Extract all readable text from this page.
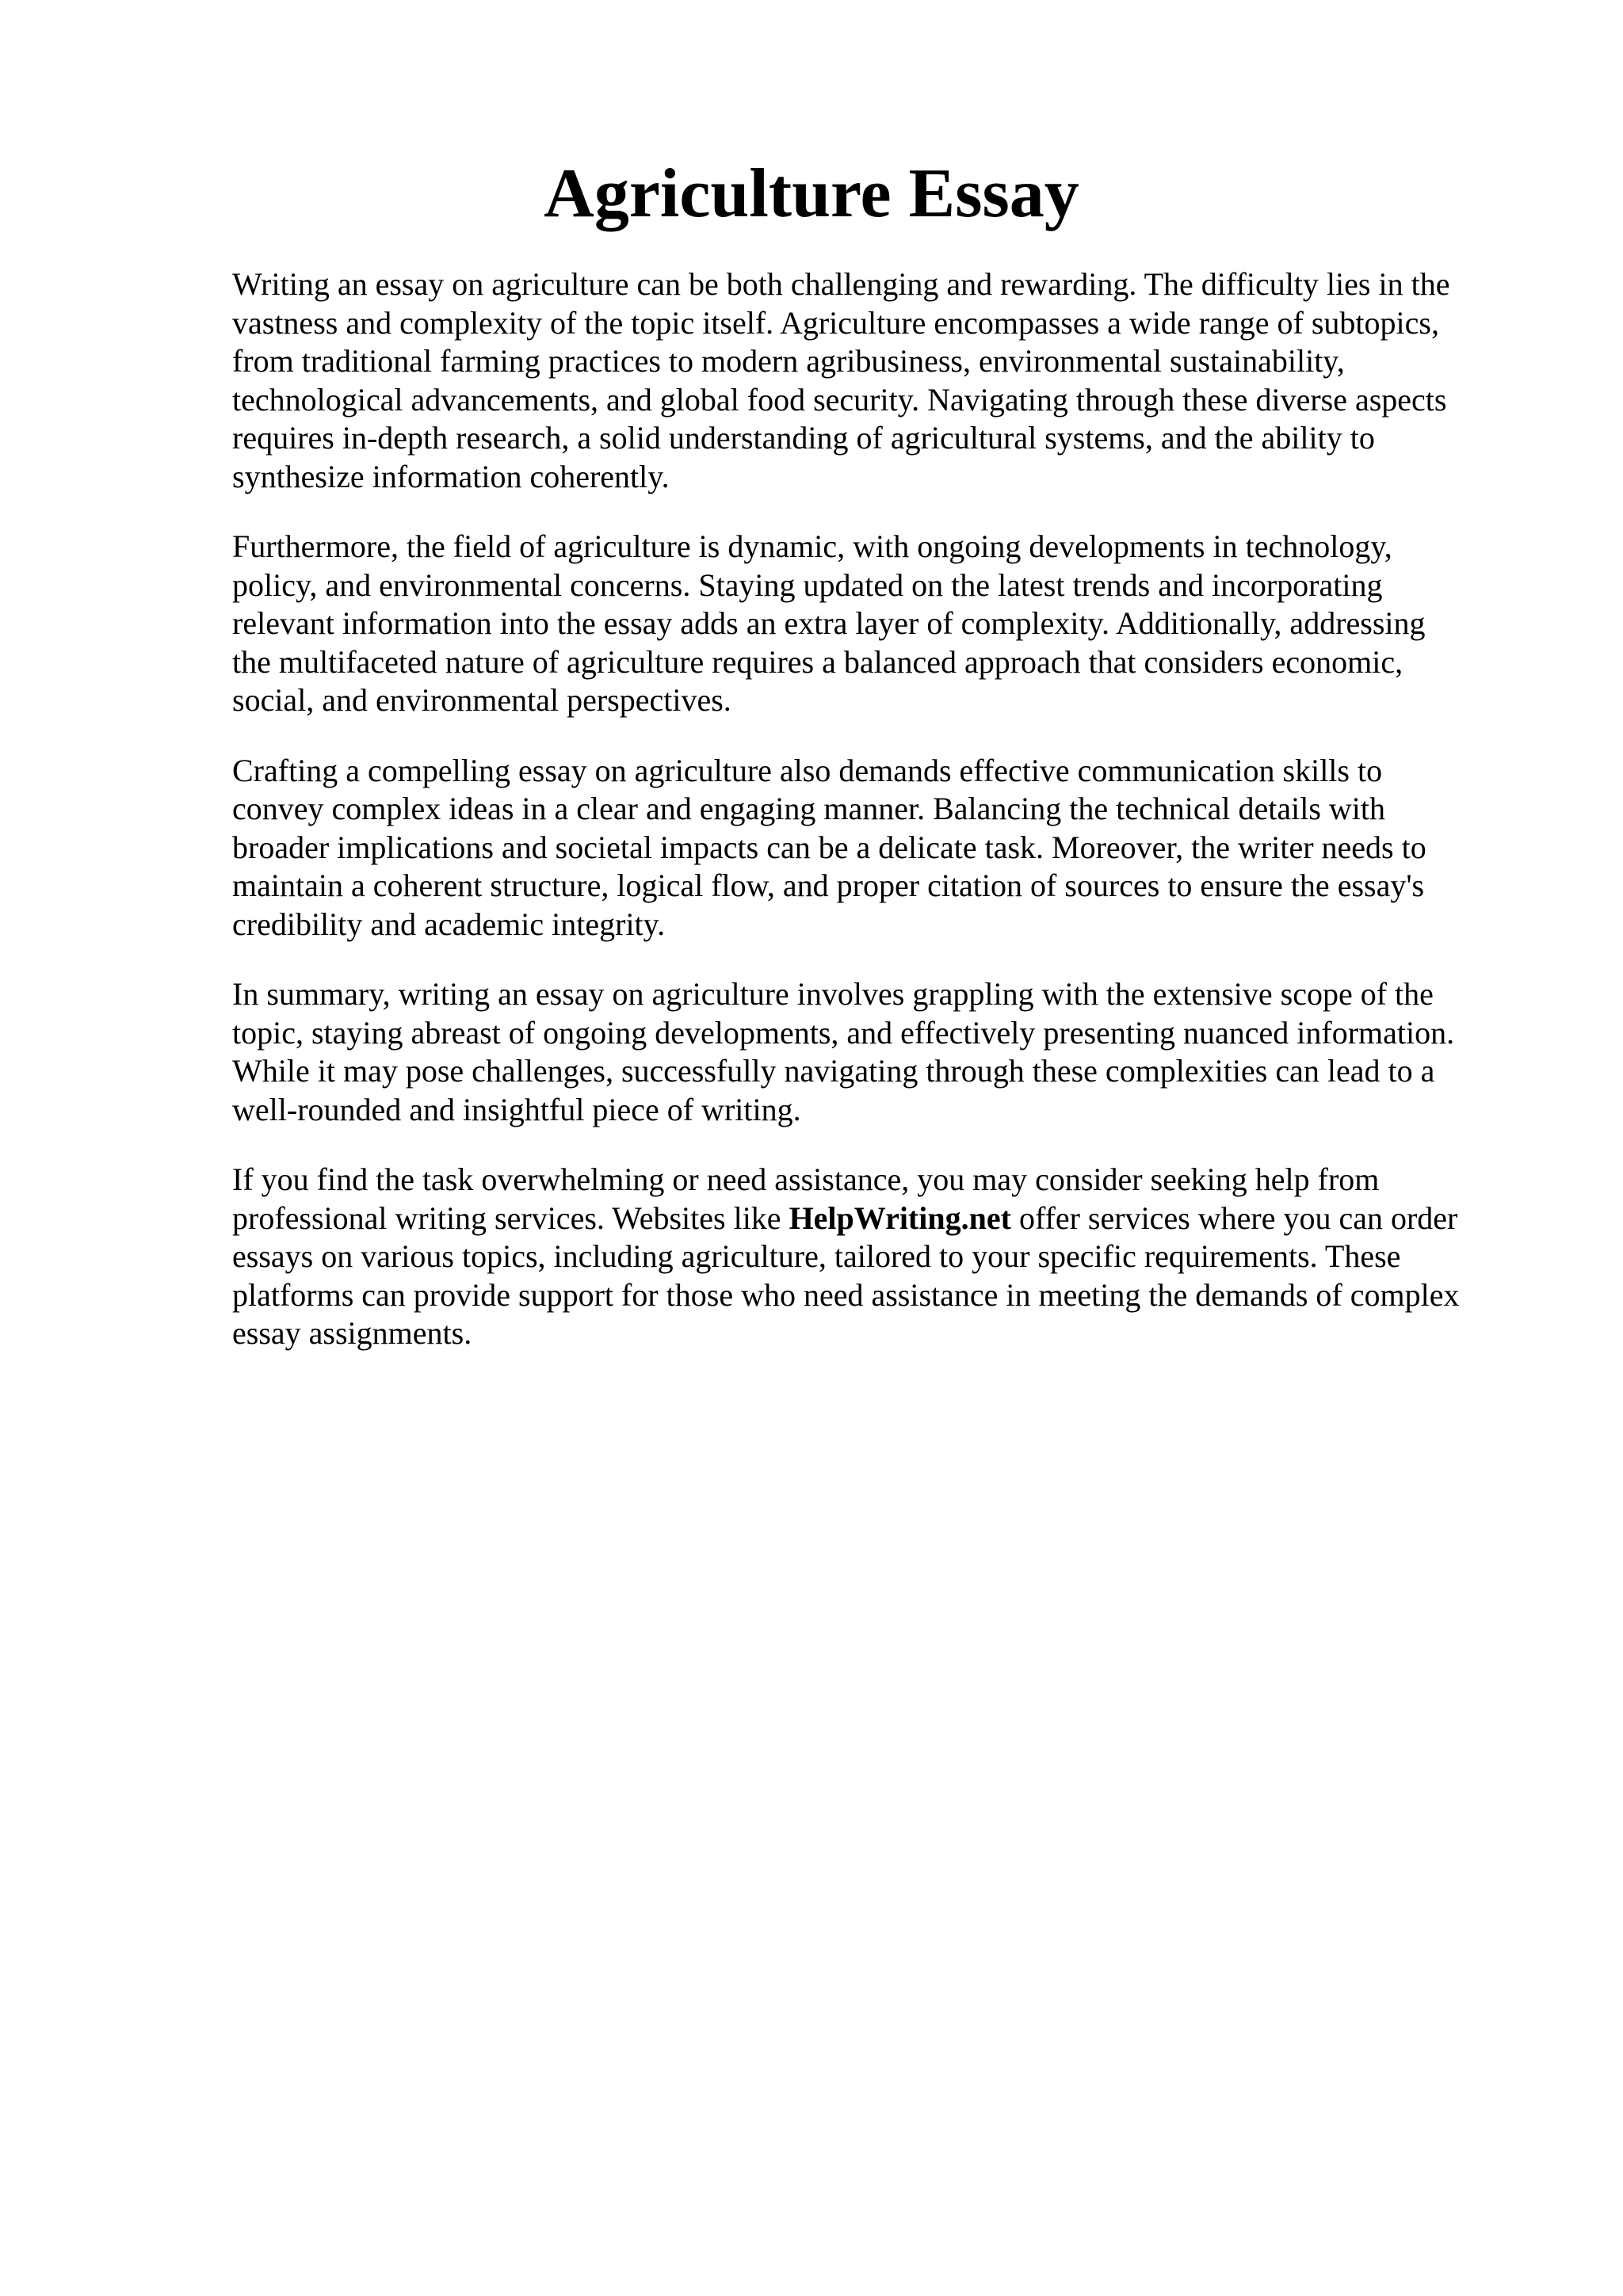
Agriculture Essay

Writing an essay on agriculture can be both challenging and rewarding. The difficulty lies in the
vastness and complexity of the topic itself. Agriculture encompasses a wide range of subtopics,
from traditional farming practices to modern agribusiness, environmental sustainability,
technological advancements, and global food security. Navigating through these diverse aspects
requires in-depth research, a solid understanding of agricultural systems, and the ability to
synthesize information coherently.

Furthermore, the field of agriculture is dynamic, with ongoing developments in technology,
policy, and environmental concerns. Staying updated on the latest trends and incorporating
relevant information into the essay adds an extra layer of complexity. Additionally, addressing
the multifaceted nature of agriculture requires a balanced approach that considers economic,
social, and environmental perspectives.

Crafting a compelling essay on agriculture also demands effective communication skills to
convey complex ideas in a clear and engaging manner. Balancing the technical details with
broader implications and societal impacts can be a delicate task. Moreover, the writer needs to
maintain a coherent structure, logical flow, and proper citation of sources to ensure the essay's
credibility and academic integrity.

In summary, writing an essay on agriculture involves grappling with the extensive scope of the
topic, staying abreast of ongoing developments, and effectively presenting nuanced information.
While it may pose challenges, successfully navigating through these complexities can lead to a
well-rounded and insightful piece of writing.

If you find the task overwhelming or need assistance, you may consider seeking help from
professional writing services. Websites like HelpWriting.net offer services where you can order
essays on various topics, including agriculture, tailored to your specific requirements. These
platforms can provide support for those who need assistance in meeting the demands of complex
essay assignments.
